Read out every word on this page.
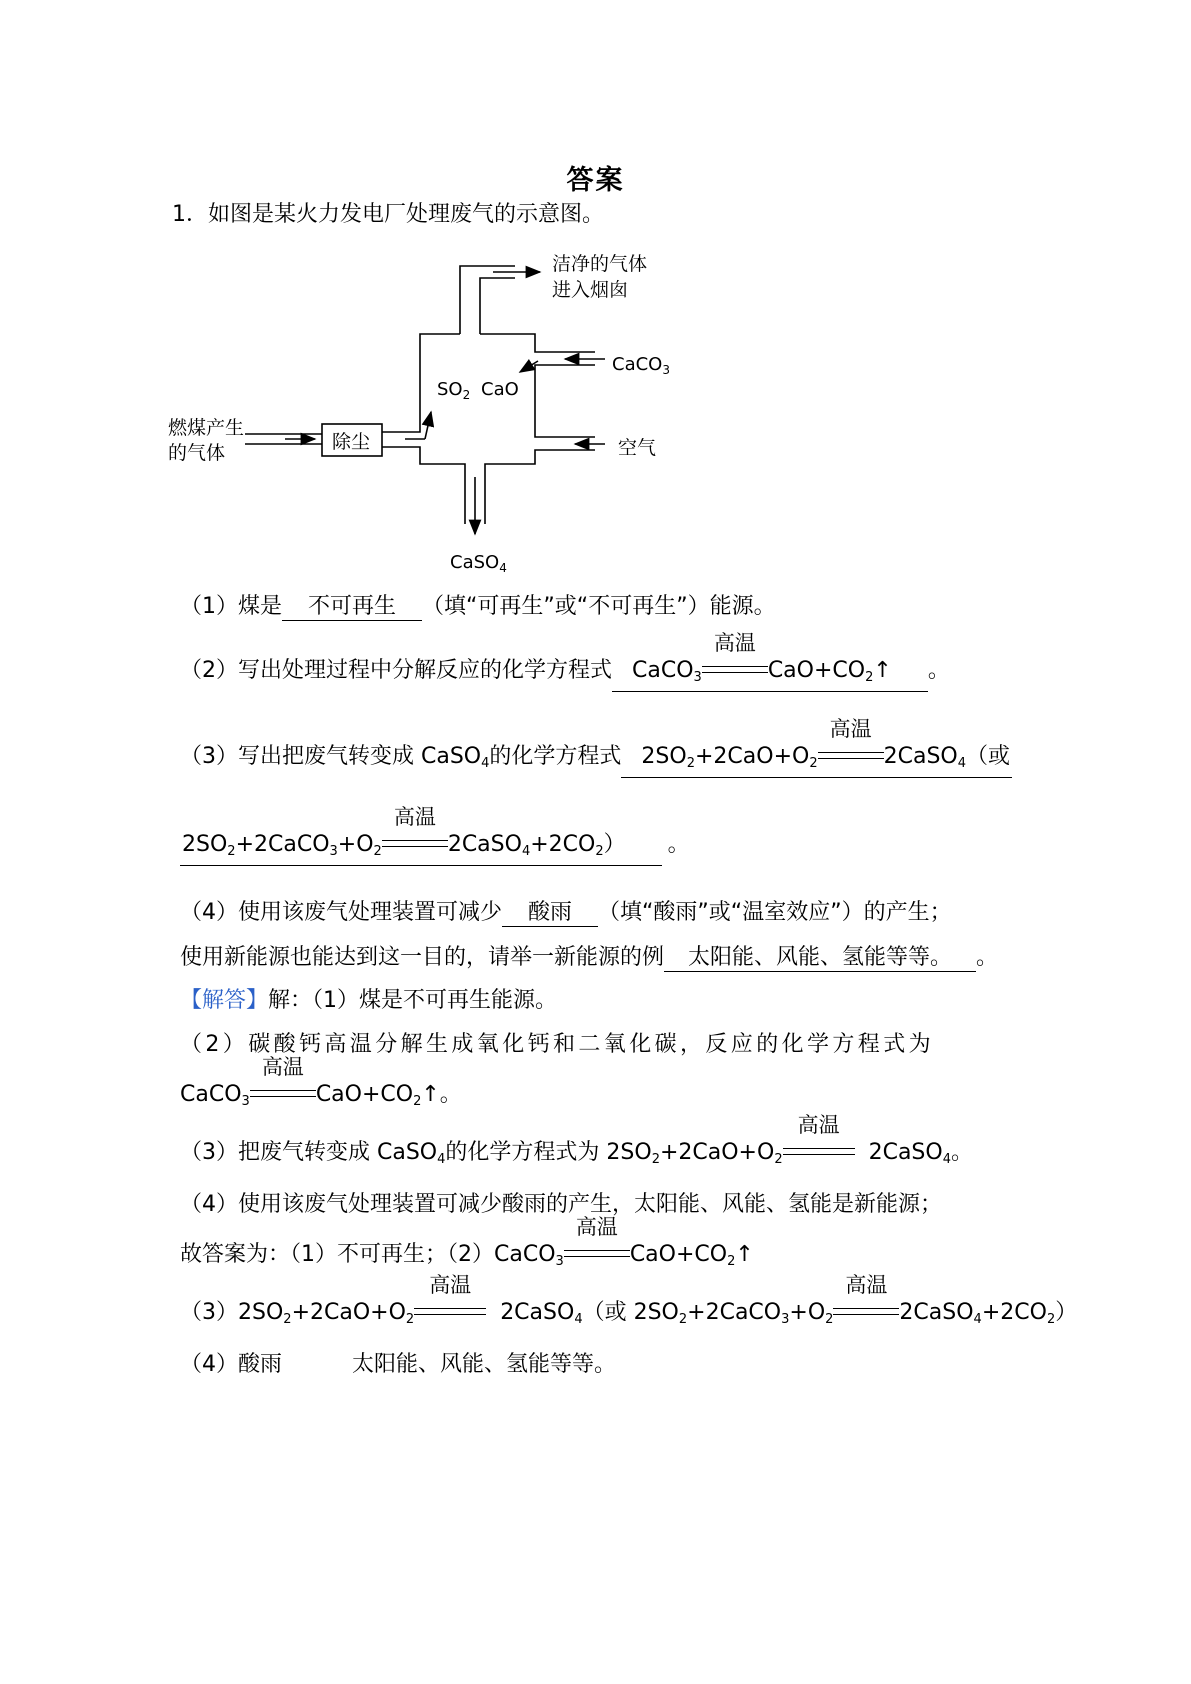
答案
1．如图是某火力发电厂处理废气的示意图。
洁净的气体
进入烟囱
CaCO$_3$
$SO_2$ CaO
燃煤产生
的气体	除尘	空气
CaSO$_4$
（1）煤是 不可再生 （填“可再生”或“不可再生”）能源。
（2）写出处理过程中分解反应的化学方程式 CaCO$_3$
高温
$CaO+CO_2↑$ 。
（3）写出把废气转变成 CaSO$_4$的化学方程式 $2SO_2+2CaO+O_2$
高温
2CaSO$_4$（或
$2SO_2+2CaCO_3+O_2$
高温
$2CaSO_4+2CO_2$） 。
（4）使用该废气处理装置可减少 酸雨 （填“酸雨”或“温室效应”）的产生；
使用新能源也能达到这一目的，请举一新能源的例 太阳能、风能、氢能等等。 。
【解答】解：（1）煤是不可再生能源。
（2）碳酸钙高温分解生成氧化钙和二氧化碳，反应的化学方程式为
CaCO$_3$
高温
$CaO+CO_2↑$。
（3）把废气转变成 CaSO$_4$的化学方程式为 $2SO_2+2CaO+O_2$
高温
2CaSO$_4$。
（4）使用该废气处理装置可减少酸雨的产生，太阳能、风能、氢能是新能源；
故答案为：（1）不可再生；（2）CaCO$_3$
高温
$CaO+CO_2↑$
$(3)2SO_2+2CaO+O_2$
高温
2CaSO$_4$（或 $2SO_2+2CaCO_3+O_2$
高温
$2CaSO_4+2CO_2$）
（4）酸雨	太阳能、风能、氢能等等。
